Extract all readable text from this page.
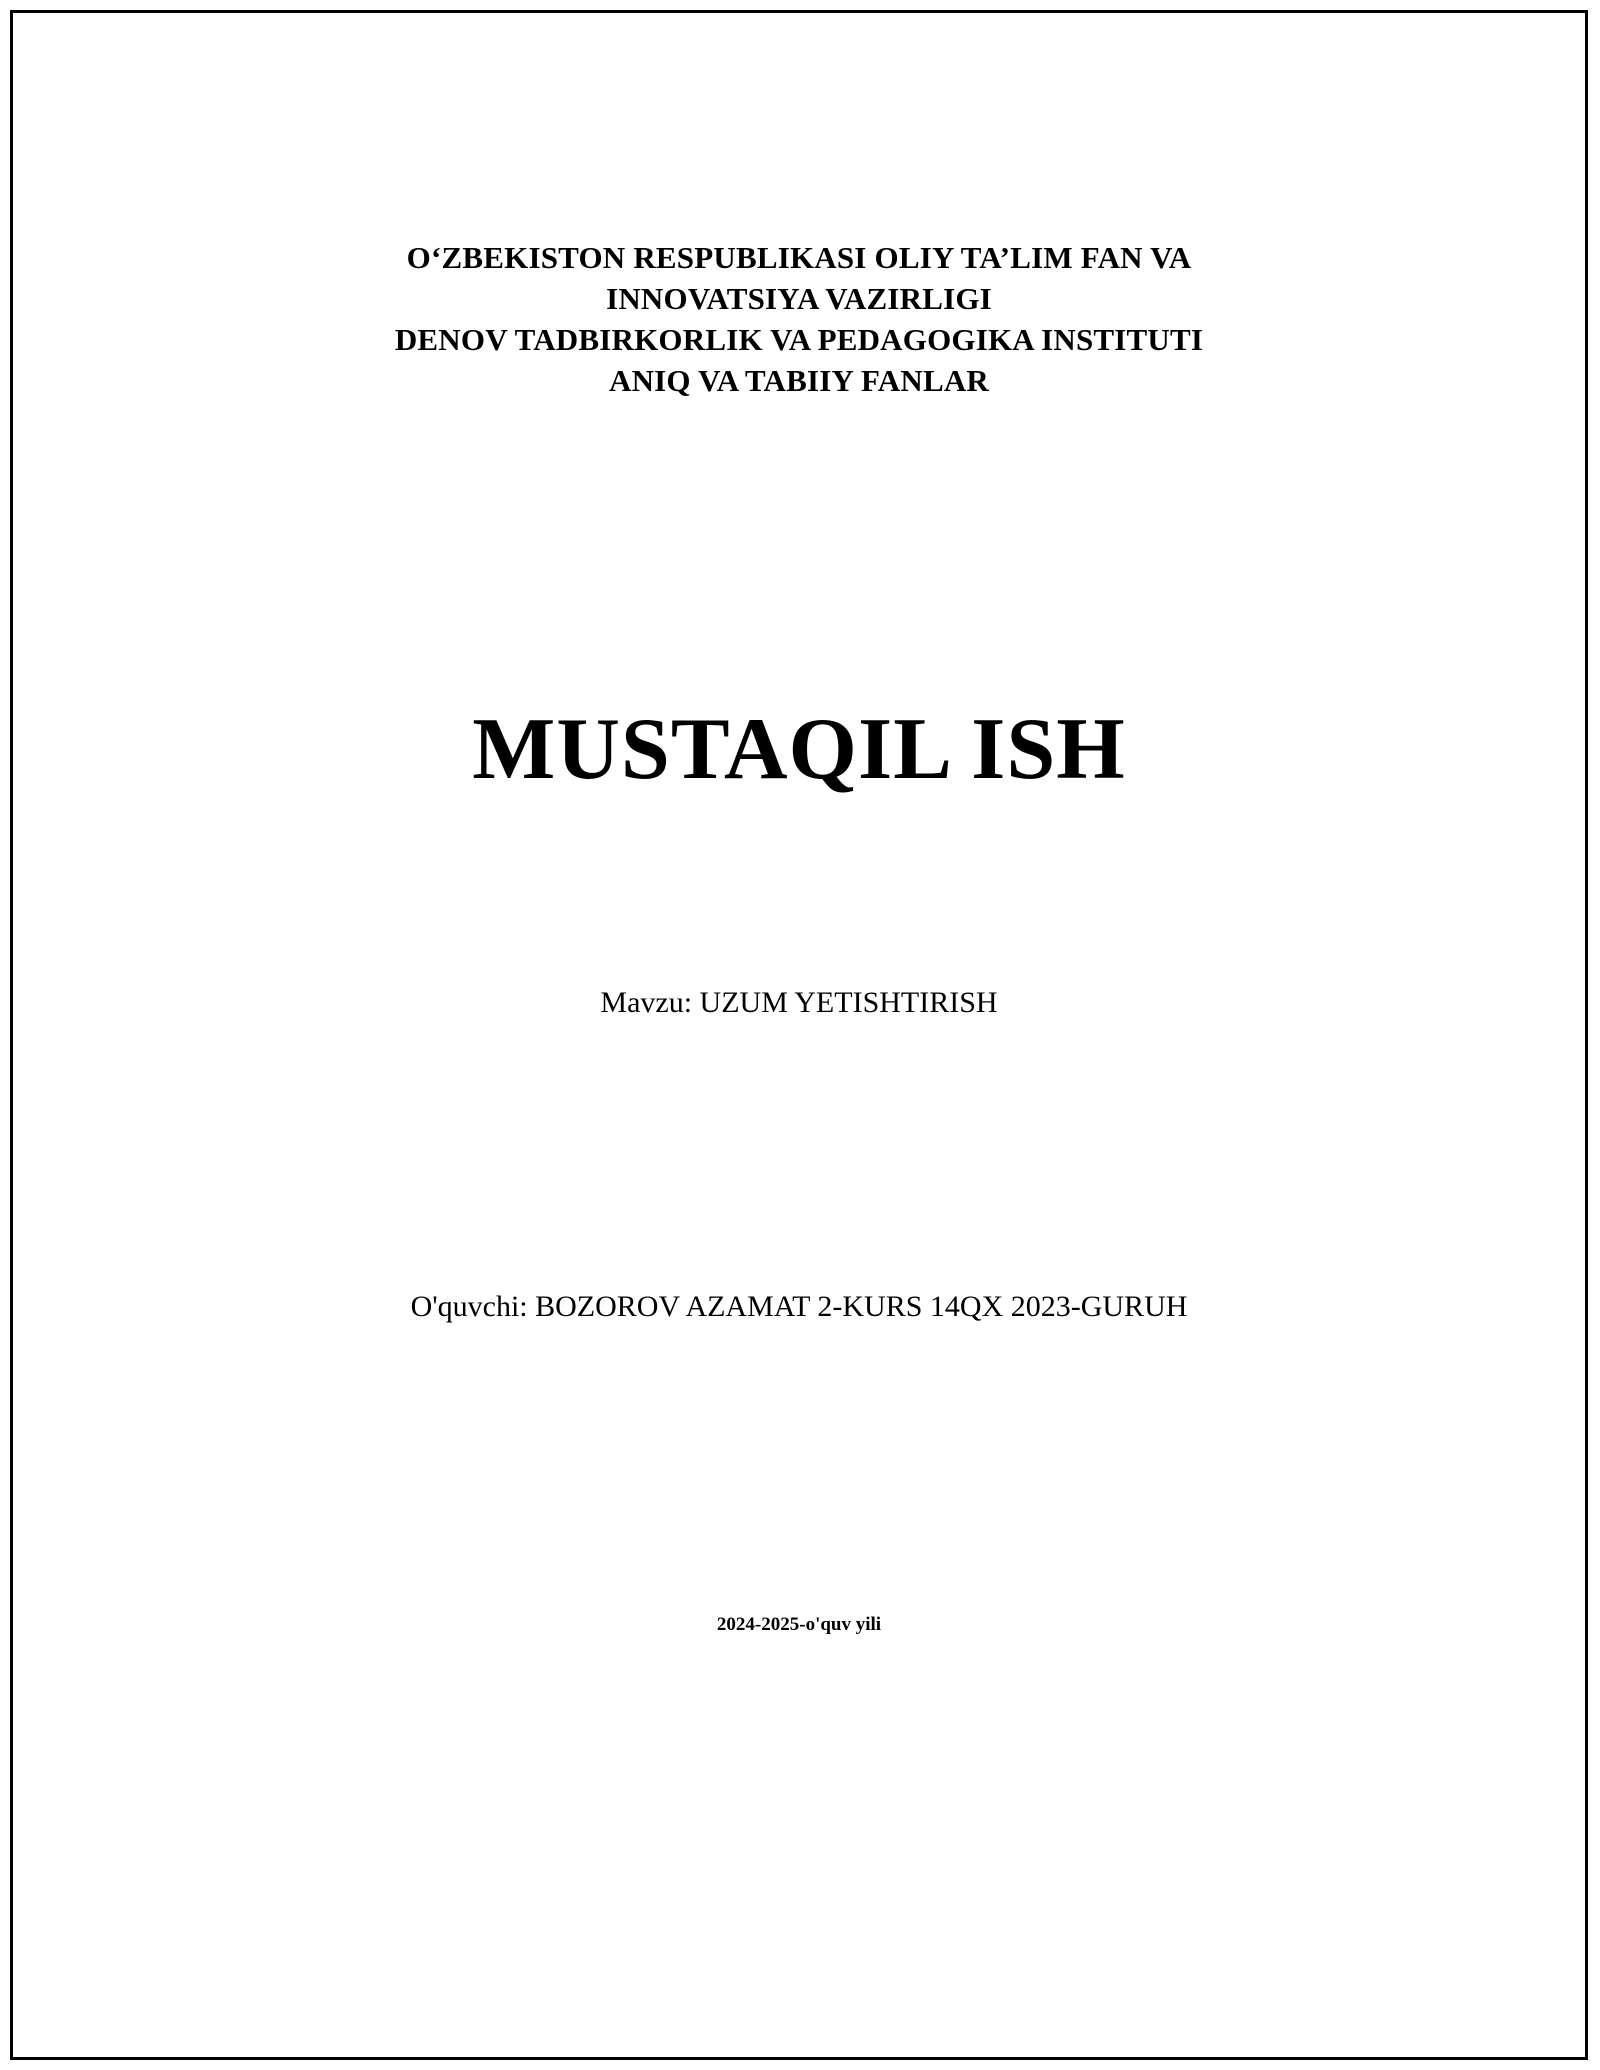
O‘ZBEKISTON RESPUBLIKASI OLIY TA’LIM FAN VA
INNOVATSIYA VAZIRLIGI
DENOV TADBIRKORLIK VA PEDAGOGIKA INSTITUTI
ANIQ VA TABIIY FANLAR
MUSTAQIL ISH
Mavzu: UZUM YETISHTIRISH
O'quvchi: BOZOROV AZAMAT 2-KURS 14QX 2023-GURUH
2024-2025-o'quv yili
